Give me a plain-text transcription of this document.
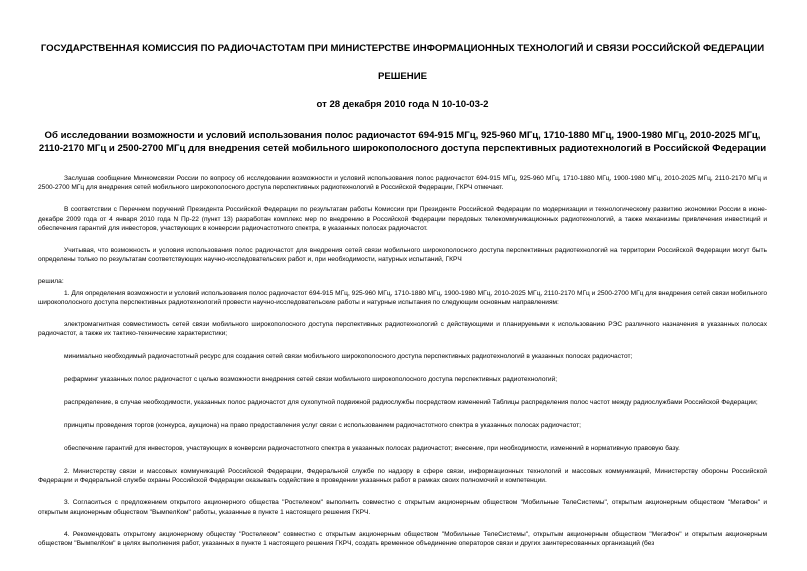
ГОСУДАРСТВЕННАЯ КОМИССИЯ ПО РАДИОЧАСТОТАМ ПРИ МИНИСТЕРСТВЕ ИНФОРМАЦИОННЫХ ТЕХНОЛОГИЙ И СВЯЗИ РОССИЙСКОЙ ФЕДЕРАЦИИ
РЕШЕНИЕ
от 28 декабря 2010 года N 10-10-03-2
Об исследовании возможности и условий использования полос радиочастот 694-915 МГц, 925-960 МГц, 1710-1880 МГц, 1900-1980 МГц, 2010-2025 МГц, 2110-2170 МГц и 2500-2700 МГц для внедрения сетей мобильного широкополосного доступа перспективных радиотехнологий в Российской Федерации

Заслушав сообщение Минкомсвязи России по вопросу об исследовании возможности и условий использования полос радиочастот 694-915 МГц, 925-960 МГц, 1710-1880 МГц, 1900-1980 МГц, 2010-2025 МГц, 2110-2170 МГц и 2500-2700 МГц для внедрения сетей мобильного широкополосного доступа перспективных радиотехнологий в Российской Федерации, ГКРЧ отмечает.

В соответствии с Перечнем поручений Президента Российской Федерации по результатам работы Комиссии при Президенте Российской Федерации по модернизации и технологическому развитию экономики России в июне-декабре 2009 года от 4 января 2010 года N Пр-22 (пункт 13) разработан комплекс мер по внедрению в Российской Федерации передовых телекоммуникационных радиотехнологий, а также механизмы привлечения инвестиций и обеспечения гарантий для инвесторов, участвующих в конверсии радиочастотного спектра, в указанных полосах радиочастот.

Учитывая, что возможность и условия использования полос радиочастот для внедрения сетей связи мобильного широкополосного доступа перспективных радиотехнологий на территории Российской Федерации могут быть определены только по результатам соответствующих научно-исследовательских работ и, при необходимости, натурных испытаний, ГКРЧ

решила:

1. Для определения возможности и условий использования полос радиочастот 694-915 МГц, 925-960 МГц, 1710-1880 МГц, 1900-1980 МГц, 2010-2025 МГц, 2110-2170 МГц и 2500-2700 МГц для внедрения сетей связи мобильного широкополосного доступа перспективных радиотехнологий провести научно-исследовательские работы и натурные испытания по следующим основным направлениям:

электромагнитная совместимость сетей связи мобильного широкополосного доступа перспективных радиотехнологий с действующими и планируемыми к использованию РЭС различного назначения в указанных полосах радиочастот, а также их тактико-технические характеристики;

минимально необходимый радиочастотный ресурс для создания сетей связи мобильного широкополосного доступа перспективных радиотехнологий в указанных полосах радиочастот;

рефарминг указанных полос радиочастот с целью возможности внедрения сетей связи мобильного широкополосного доступа перспективных радиотехнологий;

распределение, в случае необходимости, указанных полос радиочастот для сухопутной подвижной радиослужбы посредством изменений Таблицы распределения полос частот между радиослужбами Российской Федерации;

принципы проведения торгов (конкурса, аукциона) на право предоставления услуг связи с использованием радиочастотного спектра в указанных полосах радиочастот;

обеспечение гарантий для инвесторов, участвующих в конверсии радиочастотного спектра в указанных полосах радиочастот; внесение, при необходимости, изменений в нормативную правовую базу.

2. Министерству связи и массовых коммуникаций Российской Федерации, Федеральной службе по надзору в сфере связи, информационных технологий и массовых коммуникаций, Министерству обороны Российской Федерации и Федеральной службе охраны Российской Федерации оказывать содействие в проведении указанных работ в рамках своих полномочий и компетенции.

3. Согласиться с предложением открытого акционерного общества "Ростелеком" выполнить совместно с открытым акционерным обществом "Мобильные ТелеСистемы", открытым акционерным обществом "МегаФон" и открытым акционерным обществом "ВымпелКом" работы, указанные в пункте 1 настоящего решения ГКРЧ.

4. Рекомендовать открытому акционерному обществу "Ростелеком" совместно с открытым акционерным обществом "Мобильные ТелеСистемы", открытым акционерным обществом "МегаФон" и открытым акционерным обществом "ВымпелКом" в целях выполнения работ, указанных в пункте 1 настоящего решения ГКРЧ, создать временное объединение операторов связи и других заинтересованных организаций (без
